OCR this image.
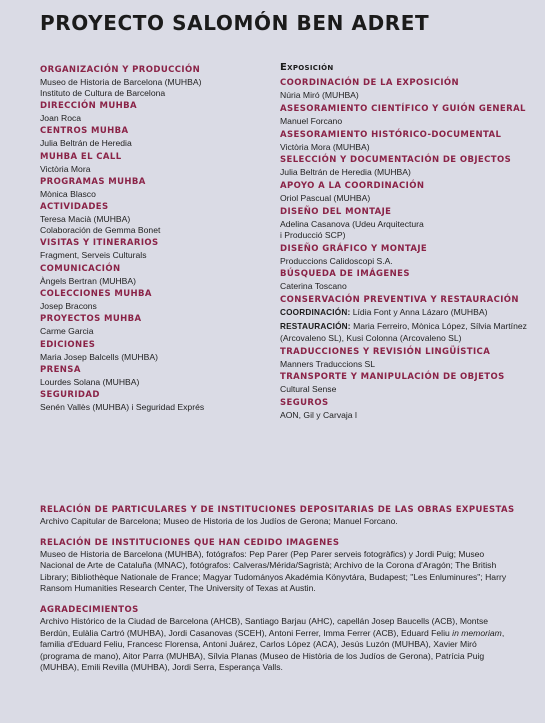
PROYECTO SALOMÓN BEN ADRET
ORGANIZACIÓN Y PRODUCCIÓN
Museo de Historia de Barcelona (MUHBA)
Instituto de Cultura de Barcelona
DIRECCIÓN MUHBA
Joan Roca
CENTROS MUHBA
Julia Beltrán de Heredia
MUHBA EL CALL
Victòria Mora
PROGRAMAS MUHBA
Mònica Blasco
ACTIVIDADES
Teresa Macià (MUHBA)
Colaboración de Gemma Bonet
VISITAS Y ITINERARIOS
Fragment, Serveis Culturals
COMUNICACIÓN
Àngels Bertran (MUHBA)
COLECCIONES MUHBA
Josep Bracons
PROYECTOS MUHBA
Carme Garcia
EDICIONES
Maria Josep Balcells (MUHBA)
PRENSA
Lourdes Solana (MUHBA)
SEGURIDAD
Senén Vallès (MUHBA) i Seguridad Exprés
Exposición
COORDINACIÓN DE LA EXPOSICIÓN
Núria Miró (MUHBA)
ASESORAMIENTO CIENTÍFICO Y GUIÓN GENERAL
Manuel Forcano
ASESORAMIENTO HISTÓRICO-DOCUMENTAL
Victòria Mora (MUHBA)
SELECCIÓN Y DOCUMENTACIÓN DE OBJECTOS
Julia Beltrán de Heredia (MUHBA)
APOYO A LA COORDINACIÓN
Oriol Pascual (MUHBA)
DISEÑO DEL MONTAJE
Adelina Casanova (Udeu Arquitectura
i Producció SCP)
DISEÑO GRÁFICO Y MONTAJE
Produccions Calidoscopi S.A.
BÚSQUEDA DE IMÁGENES
Caterina Toscano
CONSERVACIÓN PREVENTIVA Y RESTAURACIÓN
COORDINACIÓN: Lídia Font y Anna Lázaro (MUHBA)
RESTAURACIÓN: Maria Ferreiro, Mònica López, Sílvia Martínez (Arcovaleno SL), Kusi Colonna (Arcovaleno SL)
TRADUCCIONES Y REVISIÓN LINGÜÍSTICA
Manners Traduccions SL
TRANSPORTE Y MANIPULACIÓN DE OBJETOS
Cultural Sense
SEGUROS
AON, Gil y Carvaja l
RELACIÓN DE PARTICULARES Y DE INSTITUCIONES DEPOSITARIAS DE LAS OBRAS EXPUESTAS
Archivo Capitular de Barcelona; Museo de Historia de los Judíos de Gerona; Manuel Forcano.
RELACIÓN DE INSTITUCIONES QUE HAN CEDIDO IMAGENES
Museo de Historia de Barcelona (MUHBA), fotógrafos: Pep Parer (Pep Parer serveis fotogràfics) y Jordi Puig; Museo Nacional de Arte de Cataluña (MNAC), fotógrafos: Calveras/Mérida/Sagristà; Archivo de la Corona d'Aragón; The British Library; Bibliothèque Nationale de France; Magyar Tudományos Akadémia Könyvtára, Budapest; "Les Enluminures"; Harry Ransom Humanities Research Center, The University of Texas at Austin.
AGRADECIMIENTOS
Archivo Histórico de la Ciudad de Barcelona (AHCB), Santiago Barjau (AHC), capellán Josep Baucells (ACB), Montse Berdún, Eulàlia Cartró (MUHBA), Jordi Casanovas (SCEH), Antoni Ferrer, Imma Ferrer (ACB), Eduard Feliu in memoriam, familia d'Eduard Feliu, Francesc Florensa, Antoni Juárez, Carlos López (ACA), Jesús Luzón (MUHBA), Xavier Miró (programa de mano), Aitor Parra (MUHBA), Sílvia Planas (Museo de Història de los Judíos de Gerona), Patrícia Puig (MUHBA), Emili Revilla (MUHBA), Jordi Serra, Esperança Valls.
